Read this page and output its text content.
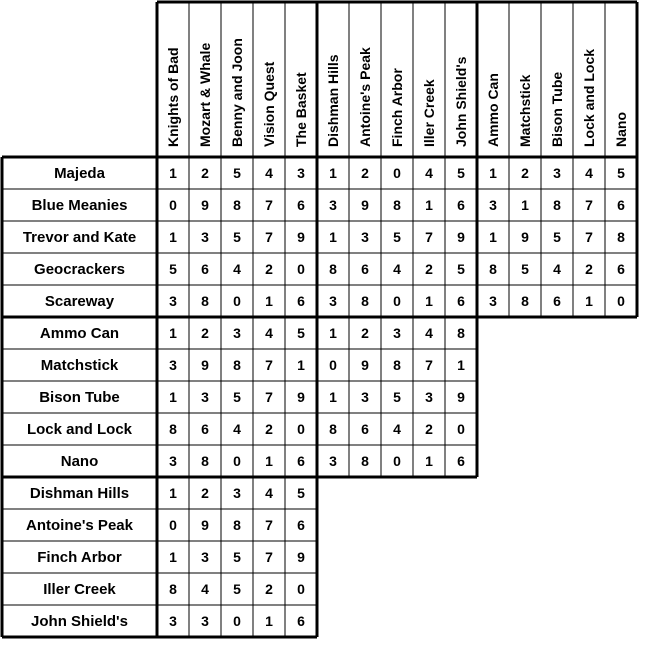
Knights of Bad Mozart & Whale Benny and Joon Vision Quest The Basket Dishman Hills Antoine's Peak Finch Arbor Iller Creek John Shield's Ammo Can Matchstick Bison Tube Lock and Lock Nano
Majeda
Blue Meanies
Trevor and Kate
Geocrackers
Scareway
Ammo Can
Matchstick
Bison Tube
Lock and Lock
Nano
Dishman Hills
Antoine's Peak
Finch Arbor
Iller Creek
John Shield's
1 2 5 4 3 1 2 0 4 5 1 2 3 4 5
0 9 8 7 6 3 9 8 1 6 3 1 8 7 6
1 3 5 7 9 1 3 5 7 9 1 9 5 7 8
5 6 4 2 0 8 6 4 2 5 8 5 4 2 6
3 8 0 1 6 3 8 0 1 6 3 8 6 1 0
1 2 3 4 5 1 2 3 4 8
3 9 8 7 1 0 9 8 7 1
1 3 5 7 9 1 3 5 3 9
8 6 4 2 0 8 6 4 2 0
3 8 0 1 6 3 8 0 1 6
1 2 3 4 5
0 9 8 7 6
1 3 5 7 9
8 4 5 2 0
3 3 0 1 6
